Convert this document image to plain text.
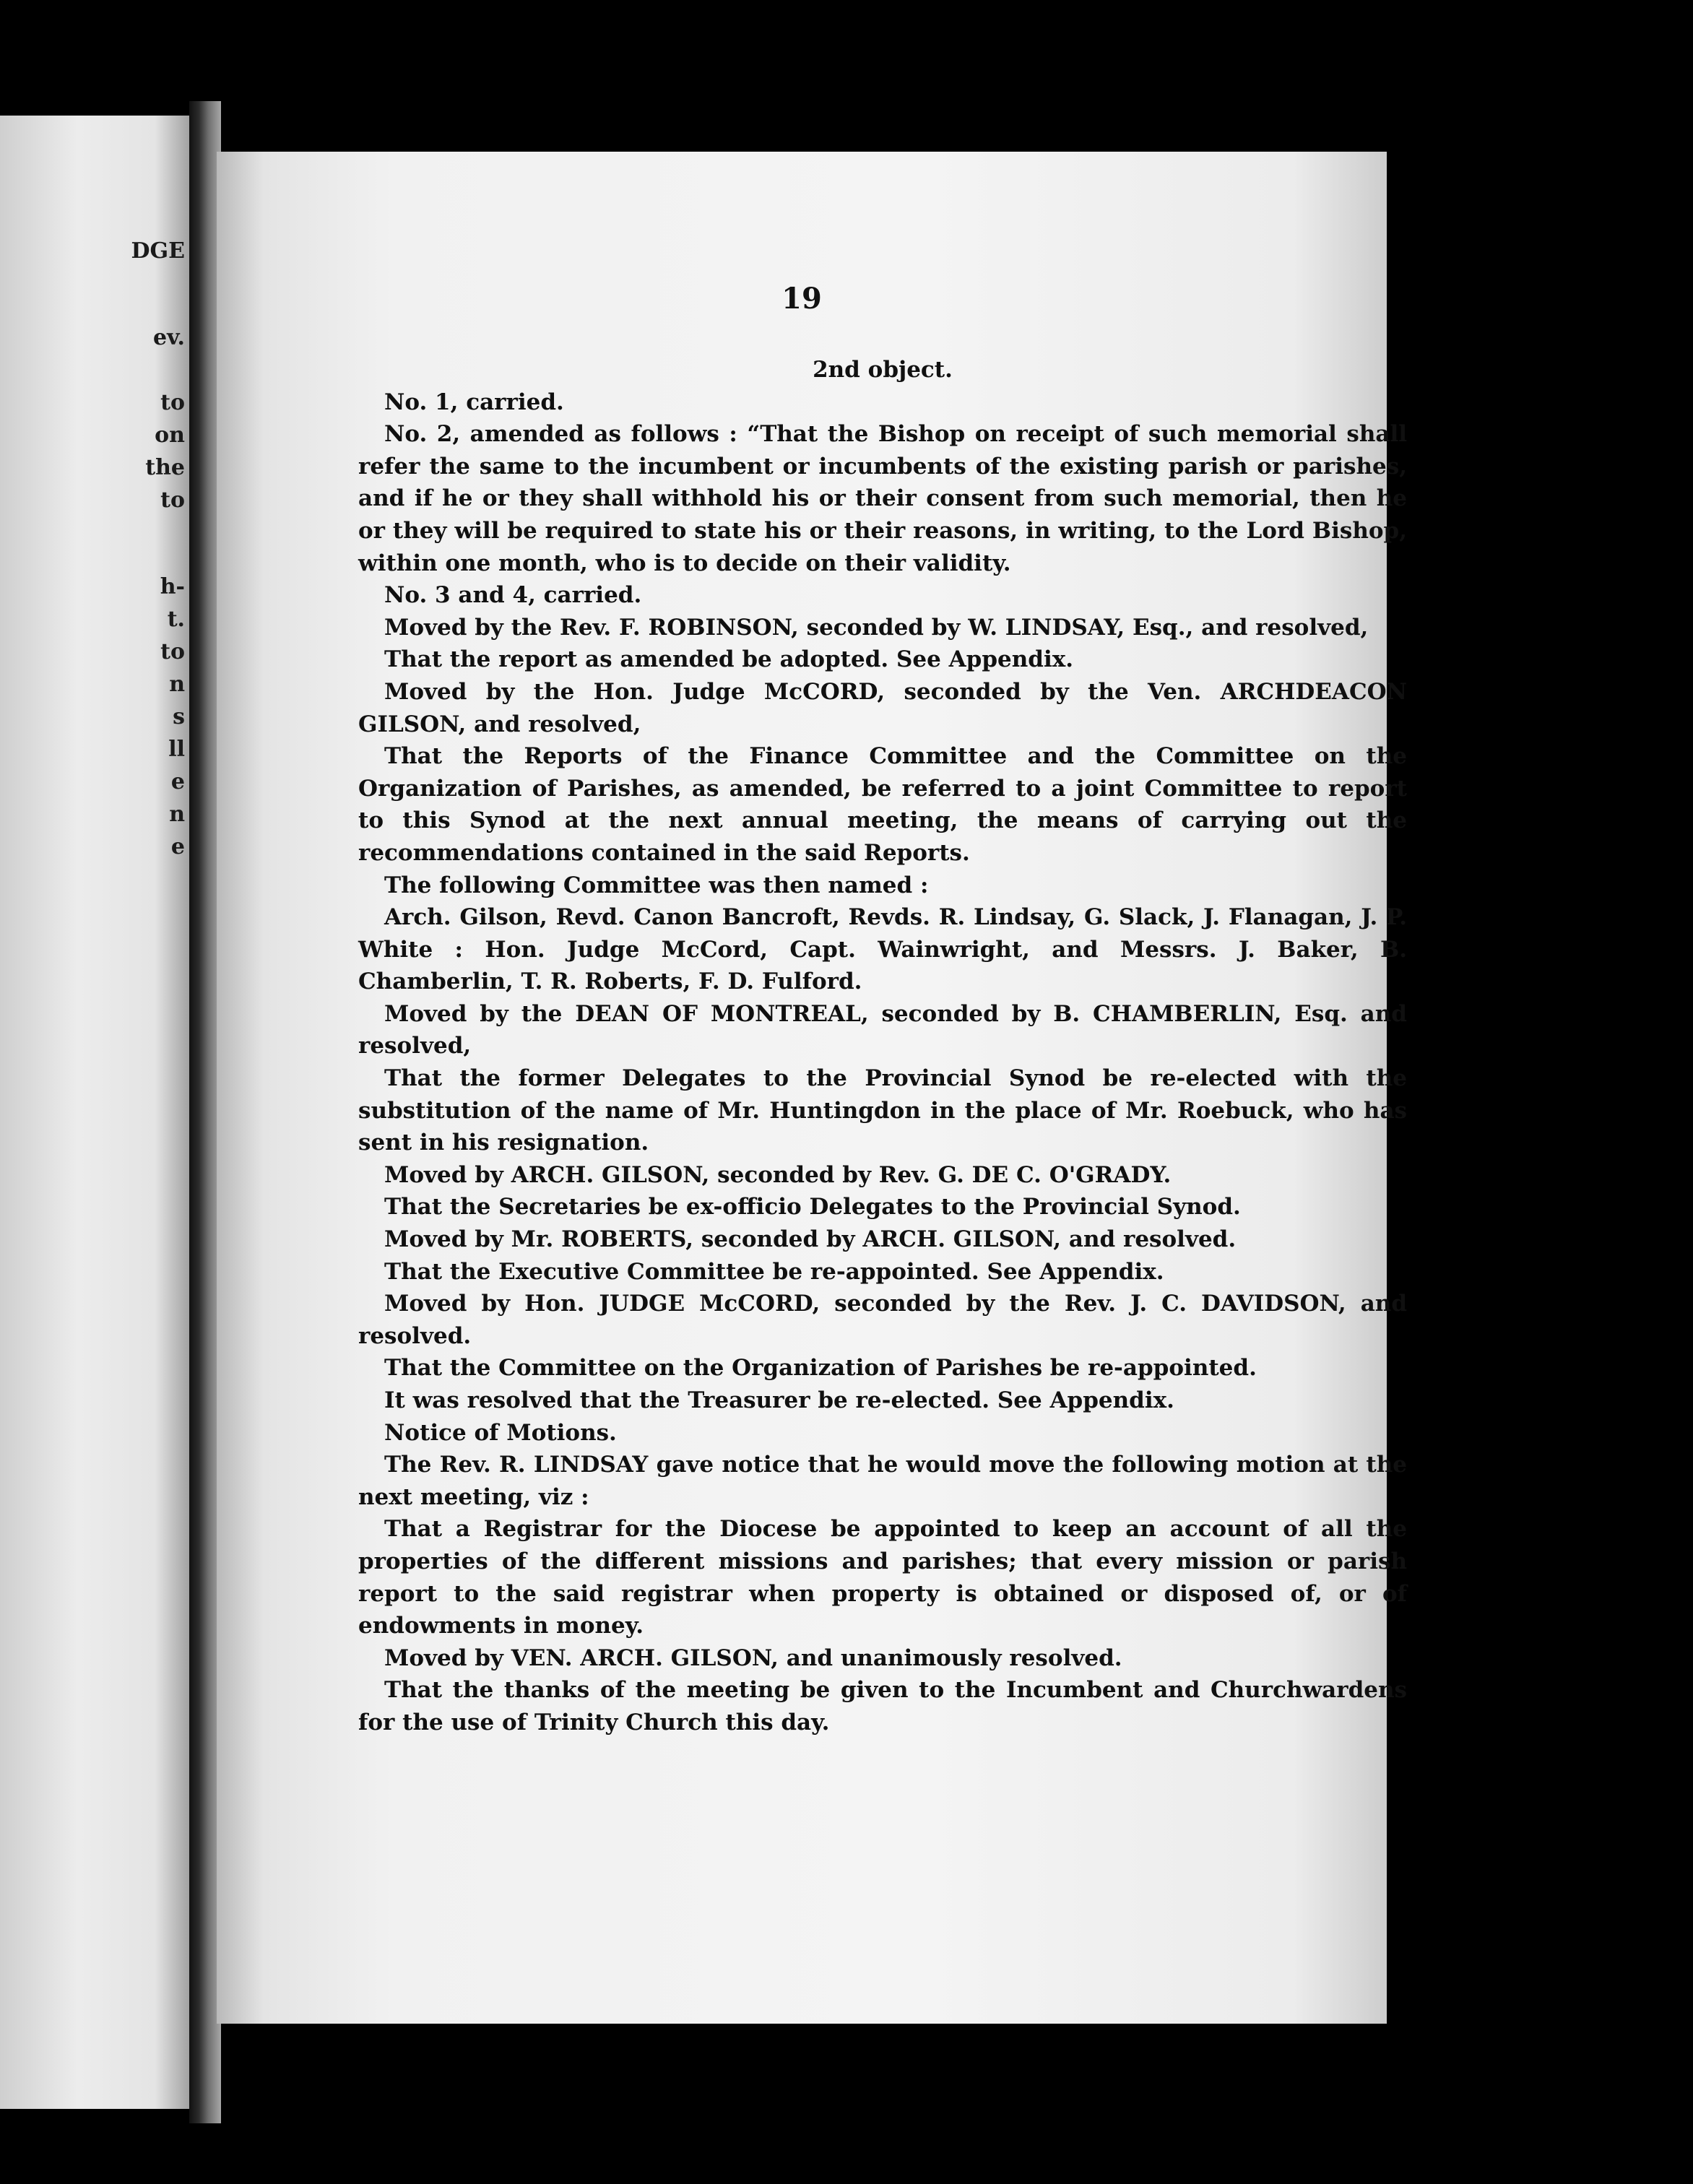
DGE
ev.
to
on
the
to
h-
t.
to
n
s
ll
e
n
e
19
2nd object.

No. 1, carried.

No. 2, amended as follows : “That the Bishop on receipt of such memorial shall refer the same to the incumbent or incumbents of the existing parish or parishes, and if he or they shall withhold his or their consent from such memorial, then he or they will be required to state his or their reasons, in writing, to the Lord Bishop, within one month, who is to decide on their validity.

No. 3 and 4, carried.

Moved by the Rev. F. ROBINSON, seconded by W. LINDSAY, Esq., and resolved,

That the report as amended be adopted. See Appendix.

Moved by the Hon. Judge McCORD, seconded by the Ven. ARCHDEACON GILSON, and resolved,

That the Reports of the Finance Committee and the Committee on the Organization of Parishes, as amended, be referred to a joint Committee to report to this Synod at the next annual meeting, the means of carrying out the recommendations contained in the said Reports.

The following Committee was then named :

Arch. Gilson, Revd. Canon Bancroft, Revds. R. Lindsay, G. Slack, J. Flanagan, J. P. White : Hon. Judge McCord, Capt. Wainwright, and Messrs. J. Baker, B. Chamberlin, T. R. Roberts, F. D. Fulford.

Moved by the DEAN OF MONTREAL, seconded by B. CHAMBERLIN, Esq. and resolved,

That the former Delegates to the Provincial Synod be re-elected with the substitution of the name of Mr. Huntingdon in the place of Mr. Roebuck, who has sent in his resignation.

Moved by ARCH. GILSON, seconded by Rev. G. DE C. O'GRADY.

That the Secretaries be ex-officio Delegates to the Provincial Synod.

Moved by Mr. ROBERTS, seconded by ARCH. GILSON, and resolved.

That the Executive Committee be re-appointed. See Appendix.

Moved by Hon. JUDGE McCORD, seconded by the Rev. J. C. DAVIDSON, and resolved.

That the Committee on the Organization of Parishes be re-appointed.

It was resolved that the Treasurer be re-elected. See Appendix.

Notice of Motions.

The Rev. R. LINDSAY gave notice that he would move the following motion at the next meeting, viz :

That a Registrar for the Diocese be appointed to keep an account of all the properties of the different missions and parishes; that every mission or parish report to the said registrar when property is obtained or disposed of, or of endowments in money.

Moved by VEN. ARCH. GILSON, and unanimously resolved.

That the thanks of the meeting be given to the Incumbent and Churchwardens for the use of Trinity Church this day.
